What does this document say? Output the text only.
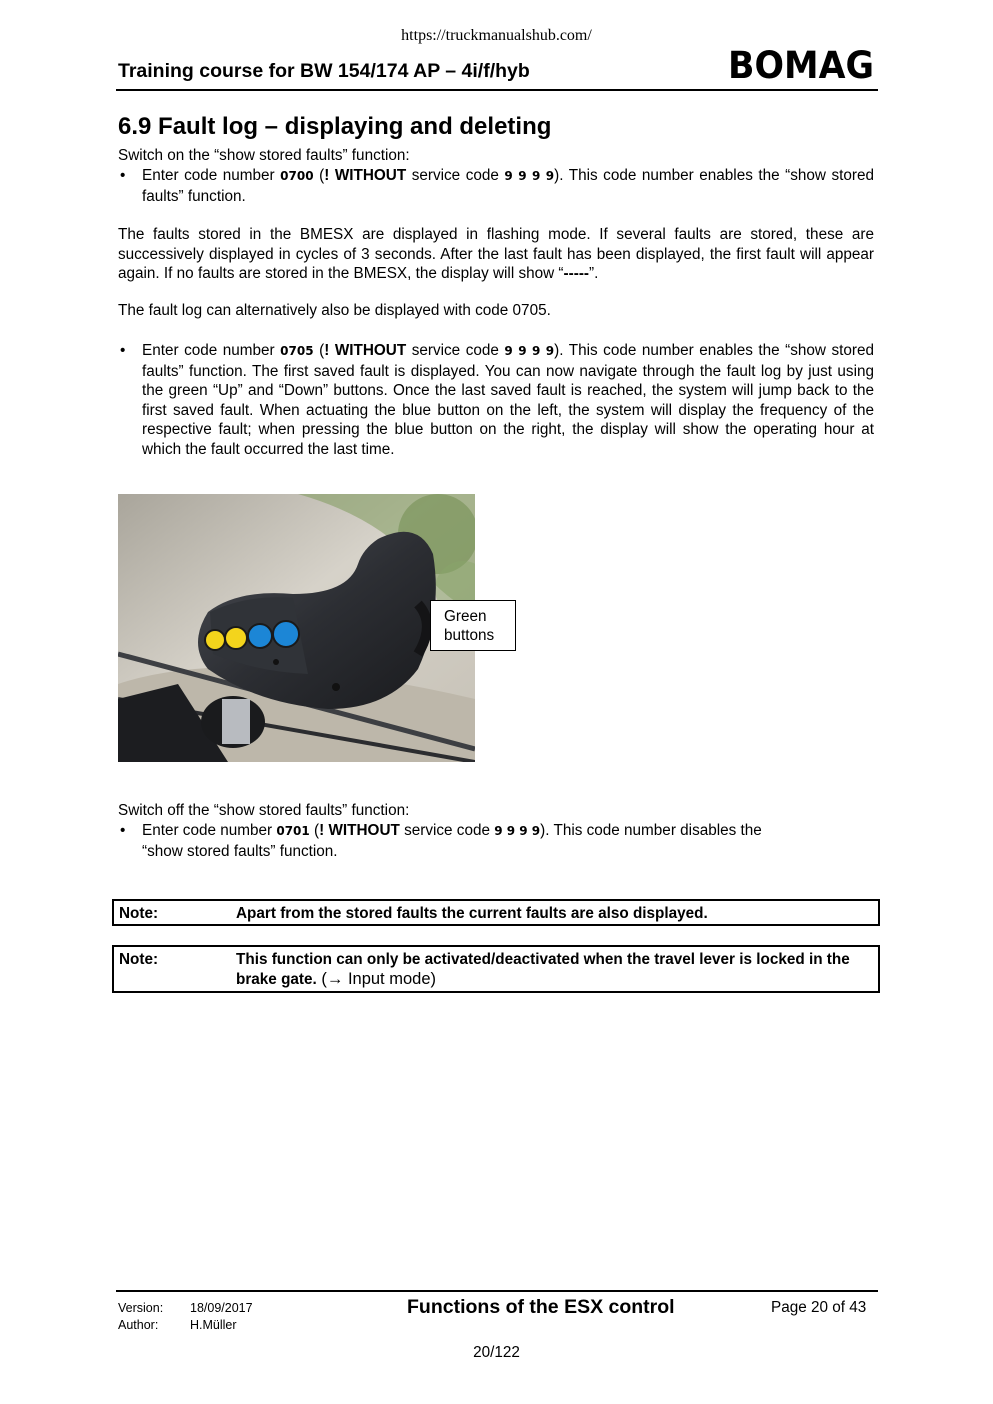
https://truckmanualshub.com/
Training course for BW 154/174 AP – 4i/f/hyb	BOMAG
6.9 Fault log – displaying and deleting
Switch on the “show stored faults” function:
• Enter code number 0700 (! WITHOUT service code 9 9 9 9). This code number enables the “show stored faults” function.
The faults stored in the BMESX are displayed in flashing mode. If several faults are stored, these are successively displayed in cycles of 3 seconds. After the last fault has been displayed, the first fault will appear again. If no faults are stored in the BMESX, the display will show “-----”.
The fault log can alternatively also be displayed with code 0705.
• Enter code number 0705 (! WITHOUT service code 9 9 9 9). This code number enables the “show stored faults” function. The first saved fault is displayed. You can now navigate through the fault log by just using the green “Up” and “Down” buttons. Once the last saved fault is reached, the system will jump back to the first saved fault. When actuating the blue button on the left, the system will display the frequency of the respective fault; when pressing the blue button on the right, the display will show the operating hour at which the fault occurred the last time.
Green
buttons
Switch off the “show stored faults” function:
• Enter code number 0701 (! WITHOUT service code 9 9 9 9). This code number disables the
“show stored faults” function.
Note:	Apart from the stored faults the current faults are also displayed.
Note:	This function can only be activated/deactivated when the travel lever is locked in the brake gate. (→ Input mode)
Version: 18/09/2017
Author:	H.Müller
Functions of the ESX control	Page 20 of 43
20/122
